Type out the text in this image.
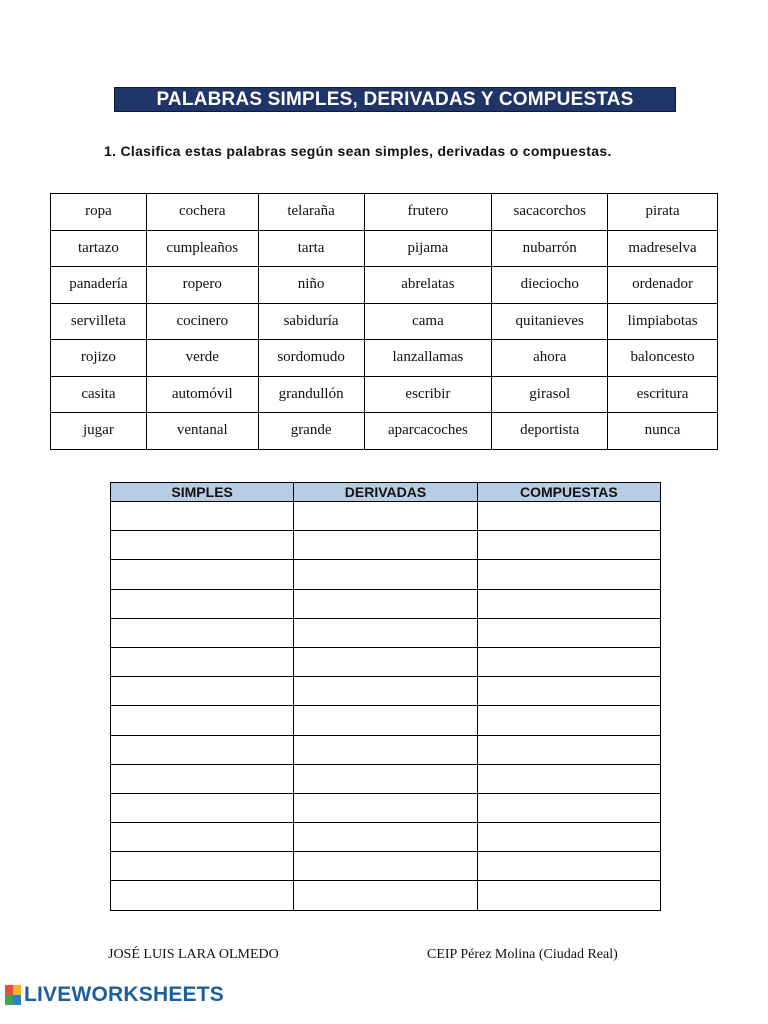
PALABRAS SIMPLES, DERIVADAS Y COMPUESTAS
1. Clasifica estas palabras según sean simples, derivadas o compuestas.
ropa	cochera	telaraña	frutero	sacacorchos	pirata
tartazo	cumpleaños	tarta	pijama	nubarrón	madreselva
panadería	ropero	niño	abrelatas	dieciocho	ordenador
servilleta	cocinero	sabiduría	cama	quitanieves	limpiabotas
rojizo	verde	sordomudo	lanzallamas	ahora	baloncesto
casita	automóvil	grandullón	escribir	girasol	escritura
jugar	ventanal	grande	aparcacoches	deportista	nunca
SIMPLES	DERIVADAS	COMPUESTAS

JOSÉ LUIS LARA OLMEDO	CEIP Pérez Molina (Ciudad Real)
LIVEWORKSHEETS
